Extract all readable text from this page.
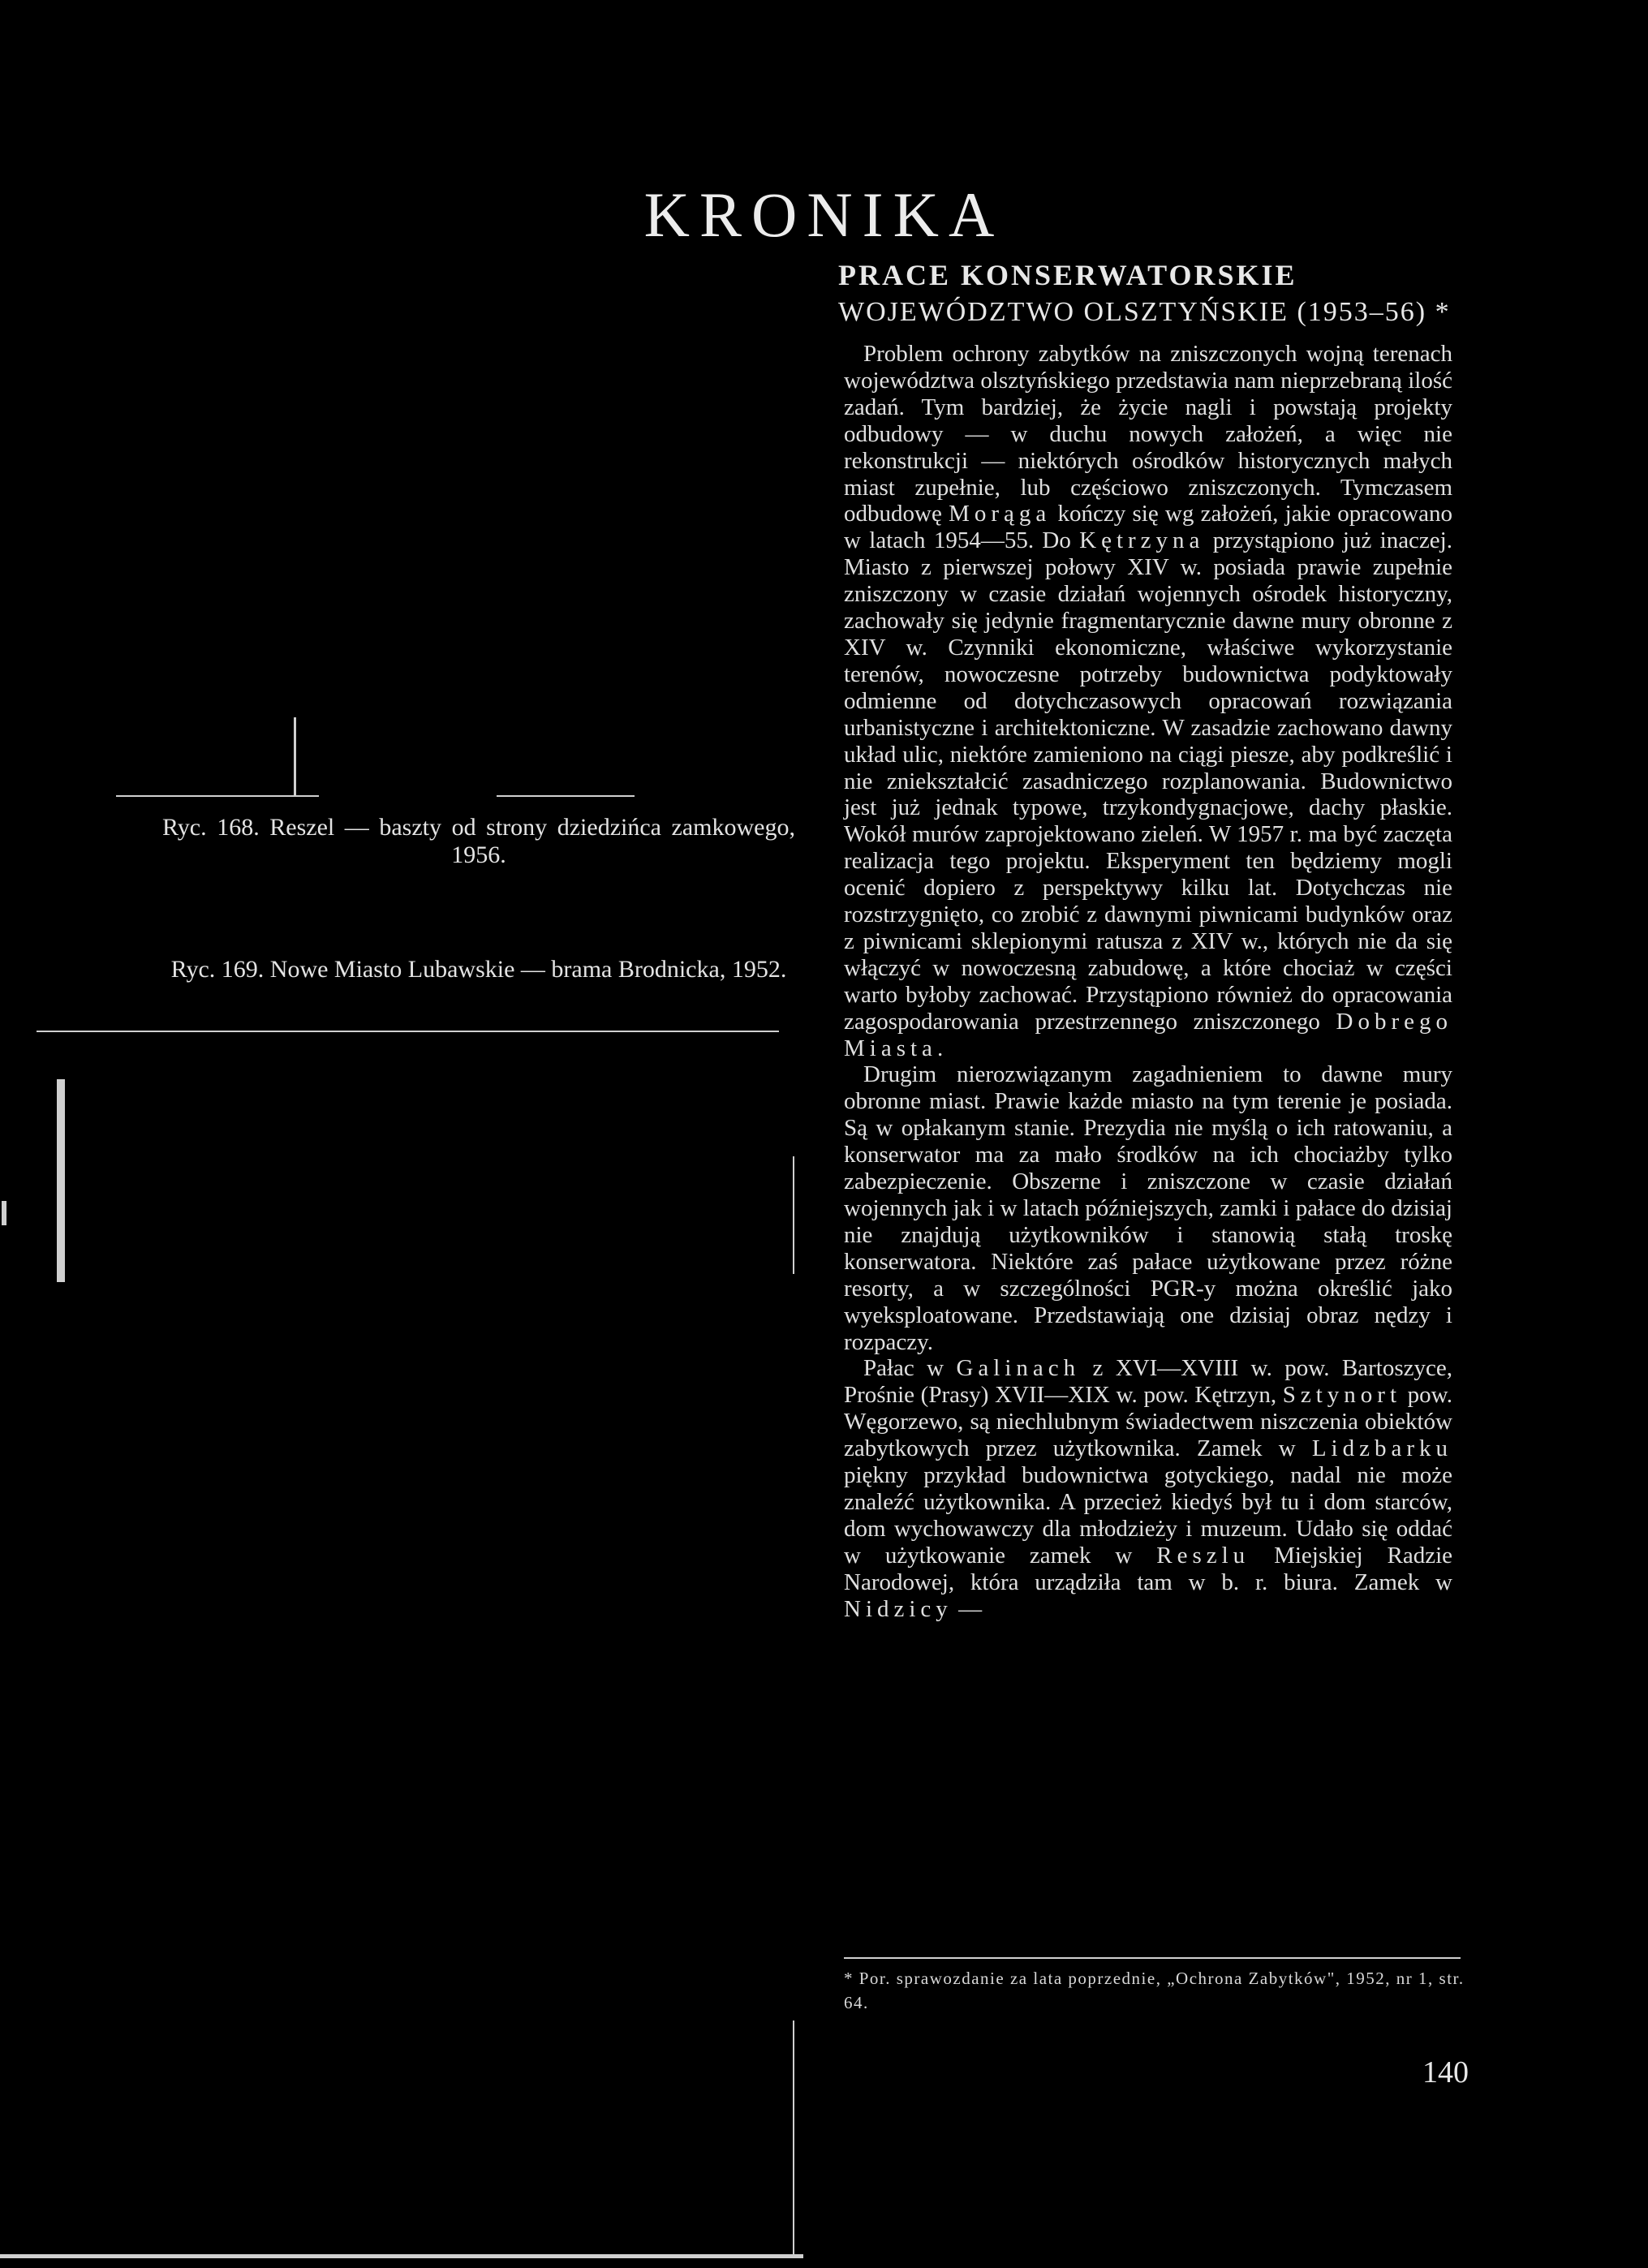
KRONIKA
PRACE KONSERWATORSKIE
WOJEWÓDZTWO OLSZTYŃSKIE (1953–56) *
Ryc. 168. Reszel — baszty od strony dziedzińca zamkowego, 1956.
Ryc. 169. Nowe Miasto Lubawskie — brama Brodnicka, 1952.

Problem ochrony zabytków na zniszczonych wojną terenach województwa olsztyńskiego przedstawia nam nieprzebraną ilość zadań. Tym bardziej, że życie nagli i powstają projekty odbudowy — w duchu nowych założeń, a więc nie rekonstrukcji — niektórych ośrodków historycznych małych miast zupełnie, lub częściowo zniszczonych. Tymczasem odbudowę Morąga kończy się wg założeń, jakie opracowano w latach 1954—55. Do Kętrzyna przystąpiono już inaczej. Miasto z pierwszej połowy XIV w. posiada prawie zupełnie zniszczony w czasie działań wojennych ośrodek historyczny, zachowały się jedynie fragmentarycznie dawne mury obronne z XIV w. Czynniki ekonomiczne, właściwe wykorzystanie terenów, nowoczesne potrzeby budownictwa podyktowały odmienne od dotychczasowych opracowań rozwiązania urbanistyczne i architektoniczne. W zasadzie zachowano dawny układ ulic, niektóre zamieniono na ciągi piesze, aby podkreślić i nie zniekształcić zasadniczego rozplanowania. Budownictwo jest już jednak typowe, trzykondygnacjowe, dachy płaskie. Wokół murów zaprojektowano zieleń. W 1957 r. ma być zaczęta realizacja tego projektu. Eksperyment ten będziemy mogli ocenić dopiero z perspektywy kilku lat. Dotychczas nie rozstrzygnięto, co zrobić z dawnymi piwnicami budynków oraz z piwnicami sklepionymi ratusza z XIV w., których nie da się włączyć w nowoczesną zabudowę, a które chociaż w części warto byłoby zachować. Przystąpiono również do opracowania zagospodarowania przestrzennego zniszczonego Dobrego Miasta.

Drugim nierozwiązanym zagadnieniem to dawne mury obronne miast. Prawie każde miasto na tym terenie je posiada. Są w opłakanym stanie. Prezydia nie myślą o ich ratowaniu, a konserwator ma za mało środków na ich chociażby tylko zabezpieczenie. Obszerne i zniszczone w czasie działań wojennych jak i w latach późniejszych, zamki i pałace do dzisiaj nie znajdują użytkowników i stanowią stałą troskę konserwatora. Niektóre zaś pałace użytkowane przez różne resorty, a w szczególności PGR-y można określić jako wyeksploatowane. Przedstawiają one dzisiaj obraz nędzy i rozpaczy.

Pałac w Galinach z XVI—XVIII w. pow. Bartoszyce, Prośnie (Prasy) XVII—XIX w. pow. Kętrzyn, Sztynort pow. Węgorzewo, są niechlubnym świadectwem niszczenia obiektów zabytkowych przez użytkownika. Zamek w Lidzbarku piękny przykład budownictwa gotyckiego, nadal nie może znaleźć użytkownika. A przecież kiedyś był tu i dom starców, dom wychowawczy dla młodzieży i muzeum. Udało się oddać w użytkowanie zamek w Reszlu Miejskiej Radzie Narodowej, która urządziła tam w b. r. biura. Zamek w Nidzicy —

* Por. sprawozdanie za lata poprzednie, „Ochrona Zabytków", 1952, nr 1, str. 64.
140
